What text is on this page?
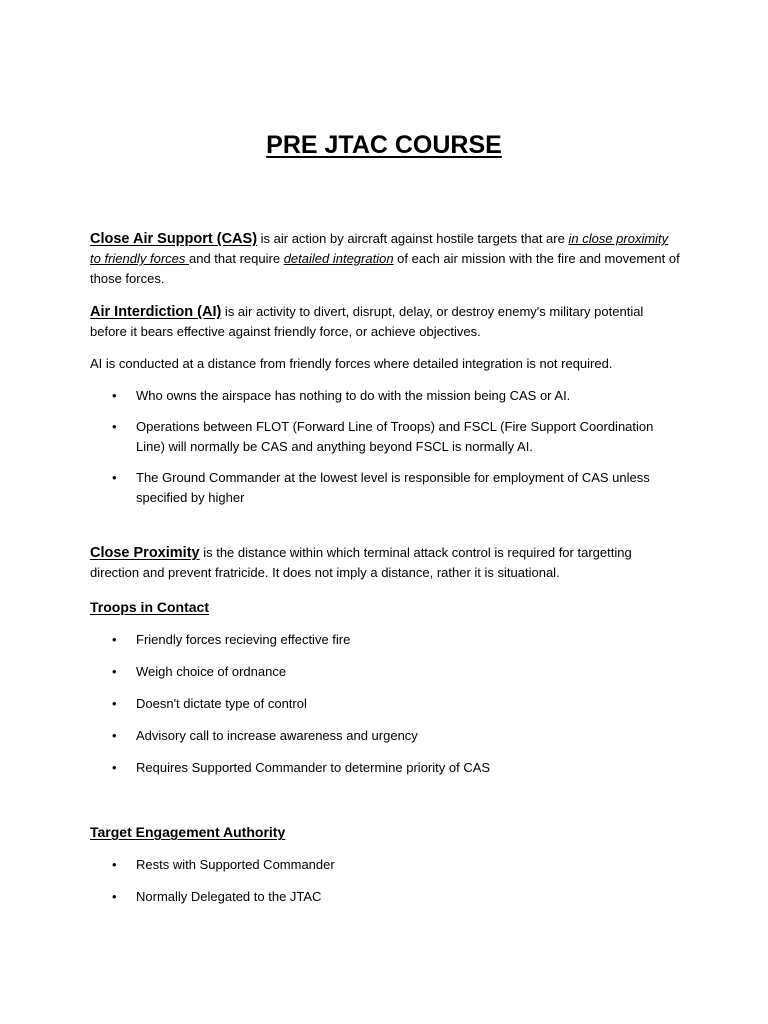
PRE JTAC COURSE

Close Air Support (CAS) is air action by aircraft against hostile targets that are in close proximity to friendly forces and that require detailed integration of each air mission with the fire and movement of those forces.

Air Interdiction (AI) is air activity to divert, disrupt, delay, or destroy enemy's military potential before it bears effective against friendly force, or achieve objectives.

AI is conducted at a distance from friendly forces where detailed integration is not required.

• Who owns the airspace has nothing to do with the mission being CAS or AI.
• Operations between FLOT (Forward Line of Troops) and FSCL (Fire Support Coordination Line) will normally be CAS and anything beyond FSCL is normally AI.
• The Ground Commander at the lowest level is responsible for employment of CAS unless specified by higher

Close Proximity is the distance within which terminal attack control is required for targetting direction and prevent fratricide. It does not imply a distance, rather it is situational.

Troops in Contact
• Friendly forces recieving effective fire
• Weigh choice of ordnance
• Doesn't dictate type of control
• Advisory call to increase awareness and urgency
• Requires Supported Commander to determine priority of CAS
Target Engagement Authority
• Rests with Supported Commander
• Normally Delegated to the JTAC
